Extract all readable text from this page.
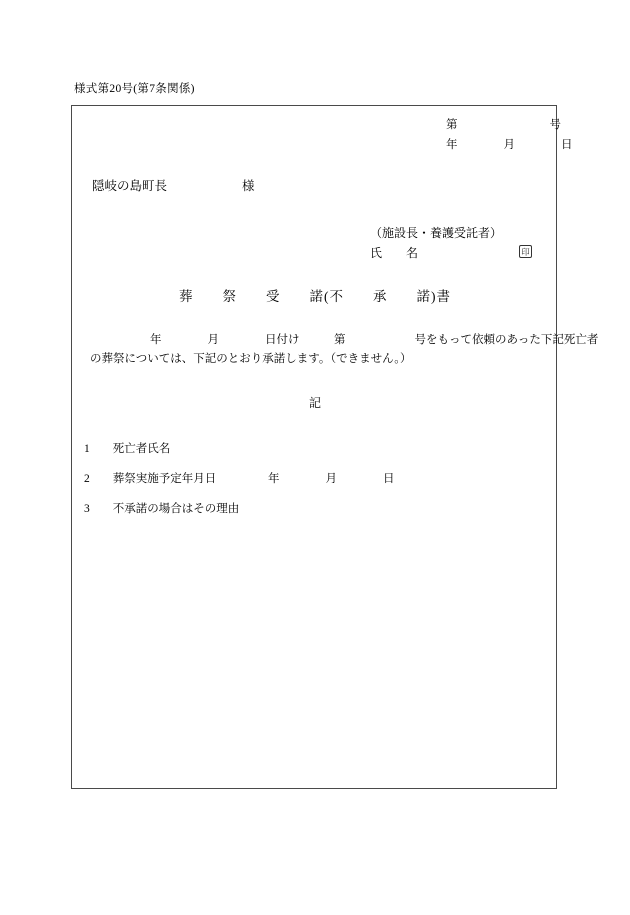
様式第20号(第7条関係)
第　　　　　　　　号
年　　　　月　　　　日
隠岐の島町長　　　　　　様
（施設長・養護受託者）
氏　　名	印
葬　　祭　　受　　諾(不　　承　　諾)書
年　　　　月　　　　日付け　　　第　　　　　　号をもって依頼のあった下記死亡者
の葬祭については、下記のとおり承諾します。（できません。）
記
1　　 死亡者氏名
2　　 葬祭実施予定年月日	年　　　　月　　　　日
3　　 不承諾の場合はその理由
